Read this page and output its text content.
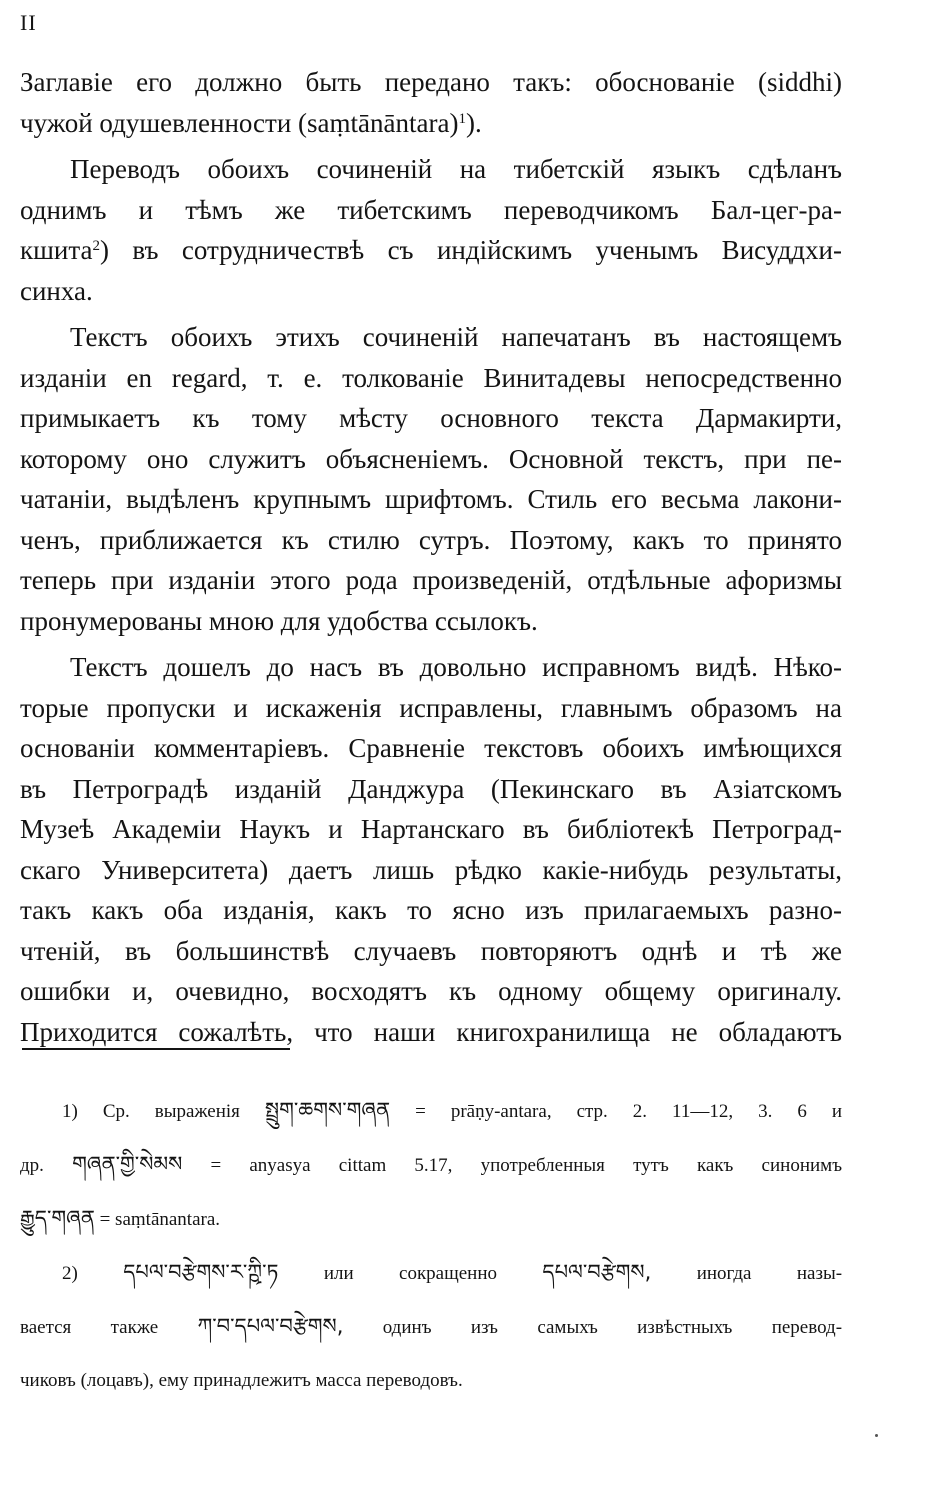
II
Заглавіе его должно быть передано такъ: обоснованіе (siddhi)
чужой одушевленности (saṃtānāntara)$^1$).
Переводъ обоихъ сочиненій на тибетскій языкъ сдѣланъ
однимъ и тѣмъ же тибетскимъ переводчикомъ Бал-цег-ра-
кшита$^2$) въ сотрудничествѣ съ индійскимъ ученымъ Висуддхи-
синха.
Текстъ обоихъ этихъ сочиненій напечатанъ въ настоящемъ
изданіи en regard, т. е. толкованіе Винитадевы непосредственно
примыкаетъ къ тому мѣсту основного текста Дармакирти,
которому оно служитъ объясненіемъ. Основной текстъ, при пе-
чатаніи, выдѣленъ крупнымъ шрифтомъ. Стиль его весьма лакони-
ченъ, приближается къ стилю сутръ. Поэтому, какъ то принято
теперь при изданіи этого рода произведеній, отдѣльные афоризмы
пронумерованы мною для удобства ссылокъ.
Текстъ дошелъ до насъ въ довольно исправномъ видѣ. Нѣко-
торые пропуски и искаженія исправлены, главнымъ образомъ на
основаніи комментаріевъ. Сравненіе текстовъ обоихъ имѣющихся
въ Петроградѣ изданій Данджура (Пекинскаго въ Азіатскомъ
Музеѣ Академіи Наукъ и Нартанскаго въ библіотекѣ Петроград-
скаго Университета) даетъ лишь рѣдко какіе-нибудь результаты,
такъ какъ оба изданія, какъ то ясно изъ прилагаемыхъ разно-
чтеній, въ большинствѣ случаевъ повторяютъ однѣ и тѣ же
ошибки и, очевидно, восходятъ къ одному общему оригиналу.
Приходится сожалѣть, что наши книгохранилища не обладаютъ
1) Ср. выраженія སྤྲུག་ཆགས་གཞན = prāṇy-antara, стр. 2. 11—12, 3. 6 и
др. གཞན་གྱི་སེམས = anyasya cittam 5.17, употребленныя тутъ какъ синонимъ
རྒྱུད་གཞན = saṃtānantara.
2) དཔལ་བརྩེགས་ར་ཀྵི་ཏ или сокращенно དཔལ་བརྩེགས, иногда назы-
вается также ཀ་བ་དཔལ་བརྩེགས, одинъ изъ самыхъ извѣстныхъ перевод-
чиковъ (лоцавъ), ему принадлежитъ масса переводовъ.
